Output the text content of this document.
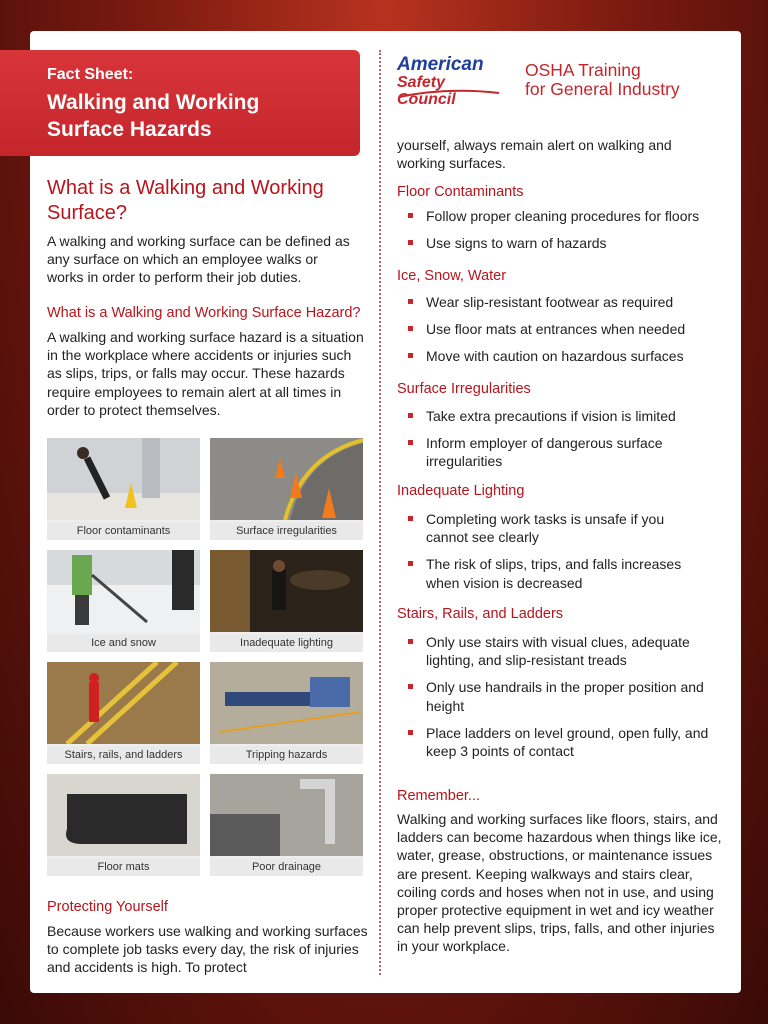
Fact Sheet:
Walking and Working Surface Hazards
American
Safety Council
OSHA Training
for General Industry
What is a Walking and Working Surface?
A walking and working surface can be defined as any surface on which an employee walks or works in order to perform their job duties.
What is a Walking and Working Surface Hazard?
A walking and working surface hazard is a situation in the workplace where accidents or injuries such as slips, trips, or falls may occur. These hazards require employees to remain alert at all times in order to protect themselves.
Floor contaminants	Surface irregularities
Ice and snow	Inadequate lighting
Stairs, rails, and ladders	Tripping hazards
Floor mats	Poor drainage
Protecting Yourself
Because workers use walking and working surfaces to complete job tasks every day, the risk of injuries and accidents is high. To protect
yourself, always remain alert on walking and working surfaces.
Floor Contaminants
Follow proper cleaning procedures for floors
Use signs to warn of hazards
Ice, Snow, Water
Wear slip-resistant footwear as required
Use floor mats at entrances when needed
Move with caution on hazardous surfaces
Surface Irregularities
Take extra precautions if vision is limited
Inform employer of dangerous surface irregularities
Inadequate Lighting
Completing work tasks is unsafe if you cannot see clearly
The risk of slips, trips, and falls increases when vision is decreased
Stairs, Rails, and Ladders
Only use stairs with visual clues, adequate lighting, and slip-resistant treads
Only use handrails in the proper position and height
Place ladders on level ground, open fully, and keep 3 points of contact
Remember...
Walking and working surfaces like floors, stairs, and ladders can become hazardous when things like ice, water, grease, obstructions, or maintenance issues are present. Keeping walkways and stairs clear, coiling cords and hoses when not in use, and using proper protective equipment in wet and icy weather can help prevent slips, trips, falls, and other injuries in your workplace.
